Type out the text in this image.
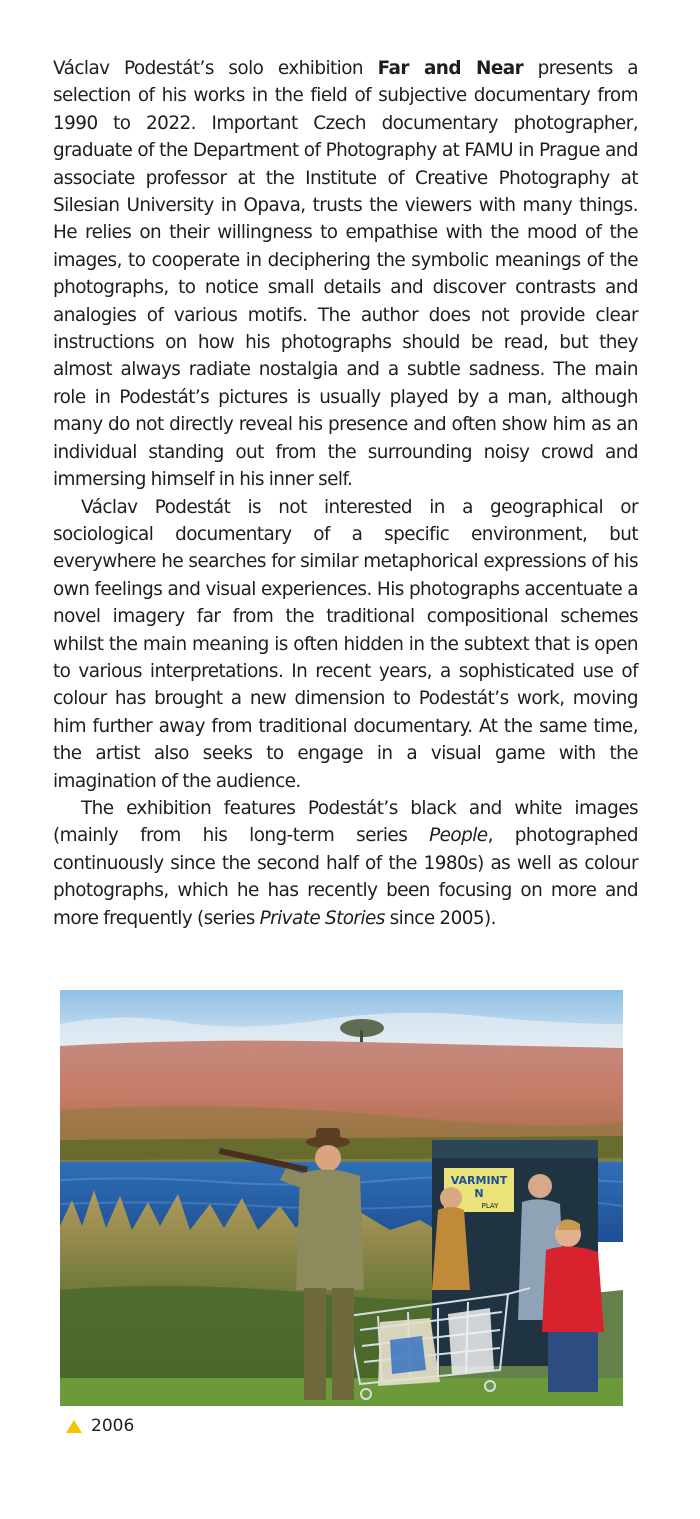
Václav Podestát’s solo exhibition Far and Near presents a selection of his works in the field of subjective documentary from 1990 to 2022. Important Czech documentary photographer, graduate of the Department of Photography at FAMU in Prague and associate professor at the Institute of Creative Photography at Silesian University in Opava, trusts the viewers with many things. He relies on their willingness to empathise with the mood of the images, to cooperate in deciphering the symbolic meanings of the photographs, to notice small details and discover contrasts and analogies of various motifs. The author does not provide clear instructions on how his photographs should be read, but they almost always radiate nostalgia and a subtle sadness. The main role in Podestát’s pictures is usually played by a man, although many do not directly reveal his presence and often show him as an individual standing out from the surrounding noisy crowd and immersing himself in his inner self.

Václav Podestát is not interested in a geographical or sociological documentary of a specific environment, but everywhere he searches for similar metaphorical expressions of his own feelings and visual experiences. His photographs accentuate a novel imagery far from the traditional compositional schemes whilst the main meaning is often hidden in the subtext that is open to various interpretations. In recent years, a sophisticated use of colour has brought a new dimension to Podestát’s work, moving him further away from traditional documentary. At the same time, the artist also seeks to engage in a visual game with the imagination of the audience.

The exhibition features Podestát’s black and white images (mainly from his long-term series People, photographed continuously since the second half of the 1980s) as well as colour photographs, which he has recently been focusing on more and more frequently (series Private Stories since 2005).

VARMINT
N
PLAY
2006
